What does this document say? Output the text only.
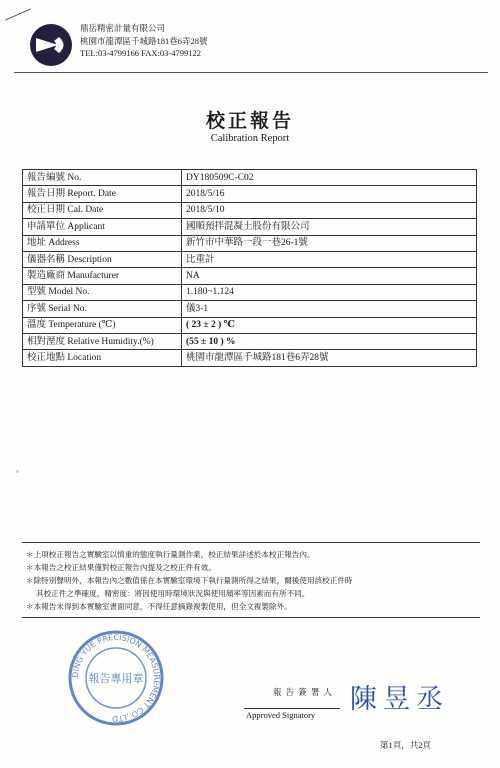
鼎岳精密計量有限公司
桃園市龍潭區千城路181巷6弄28號
TEL:03-4799166 FAX:03-4799122
校正報告
Calibration Report
報告編號 No.	DY180509C-C02
報告日期 Report. Date	2018/5/16
校正日期 Cal. Date	2018/5/10
申請單位 Applicant	國順預拌混凝土股份有限公司
地址 Address	新竹市中華路一段一巷26-1號
儀器名稱 Description	比重計
製造廠商 Manufacturer	NA
型號 Model No.	1.180~1.124
序號 Serial No.	儀3-1
溫度 Temperature (℃)	( 23 ± 2 ) ℃
相對溼度 Relative Humidity.(%)	(55 ± 10 ) %
校正地點 Location	桃園市龍潭區千城路181巷6弄28號
＊上項校正報告之實驗室以慎重的態度執行量測作業，校正結果詳述於本校正報告內。
＊本報告之校正結果僅對校正報告內提及之校正件有效。
＊除特別聲明外，本報告內之數值係在本實驗室環境下執行量測所得之結果，爾後使用該校正件時
其校正件之準確度，精密度：將因使用時環境狀況與使用頻率等因素而有所不同。
＊本報告未得到本實驗室書面同意，不得任意摘錄複製使用，但全文複製除外。
DING YUE PRECISION MEASUREMENT CO.,LTD
報告專用章
報 告 簽 署 人
Approved Signatory 陳昱丞
第1頁，共2頁
